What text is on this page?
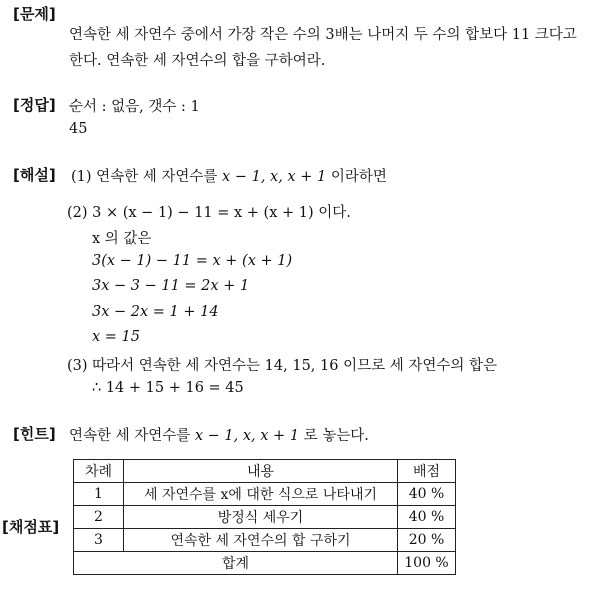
[문제]
연속한 세 자연수 중에서 가장 작은 수의 3배는 나머지 두 수의 합보다 11 크다고
한다. 연속한 세 자연수의 합을 구하여라.
[정답] 순서 : 없음, 갯수 : 1
45
[해설] (1) 연속한 세 자연수를 x − 1, x, x + 1 이라하면
(2) 3 × (x − 1) − 11 = x + (x + 1) 이다.
x 의 값은
3(x − 1) − 11 = x + (x + 1)
3x − 3 − 11 = 2x + 1
3x − 2x = 1 + 14
x = 15
(3) 따라서 연속한 세 자연수는 14, 15, 16 이므로 세 자연수의 합은
∴ 14 + 15 + 16 = 45
[힌트] 연속한 세 자연수를 x − 1, x, x + 1 로 놓는다.
[채점표]
차례	내용	배점
1	세 자연수를 x에 대한 식으로 나타내기	40 %
2	방정식 세우기	40 %
3	연속한 세 자연수의 합 구하기	20 %
합계		100 %
